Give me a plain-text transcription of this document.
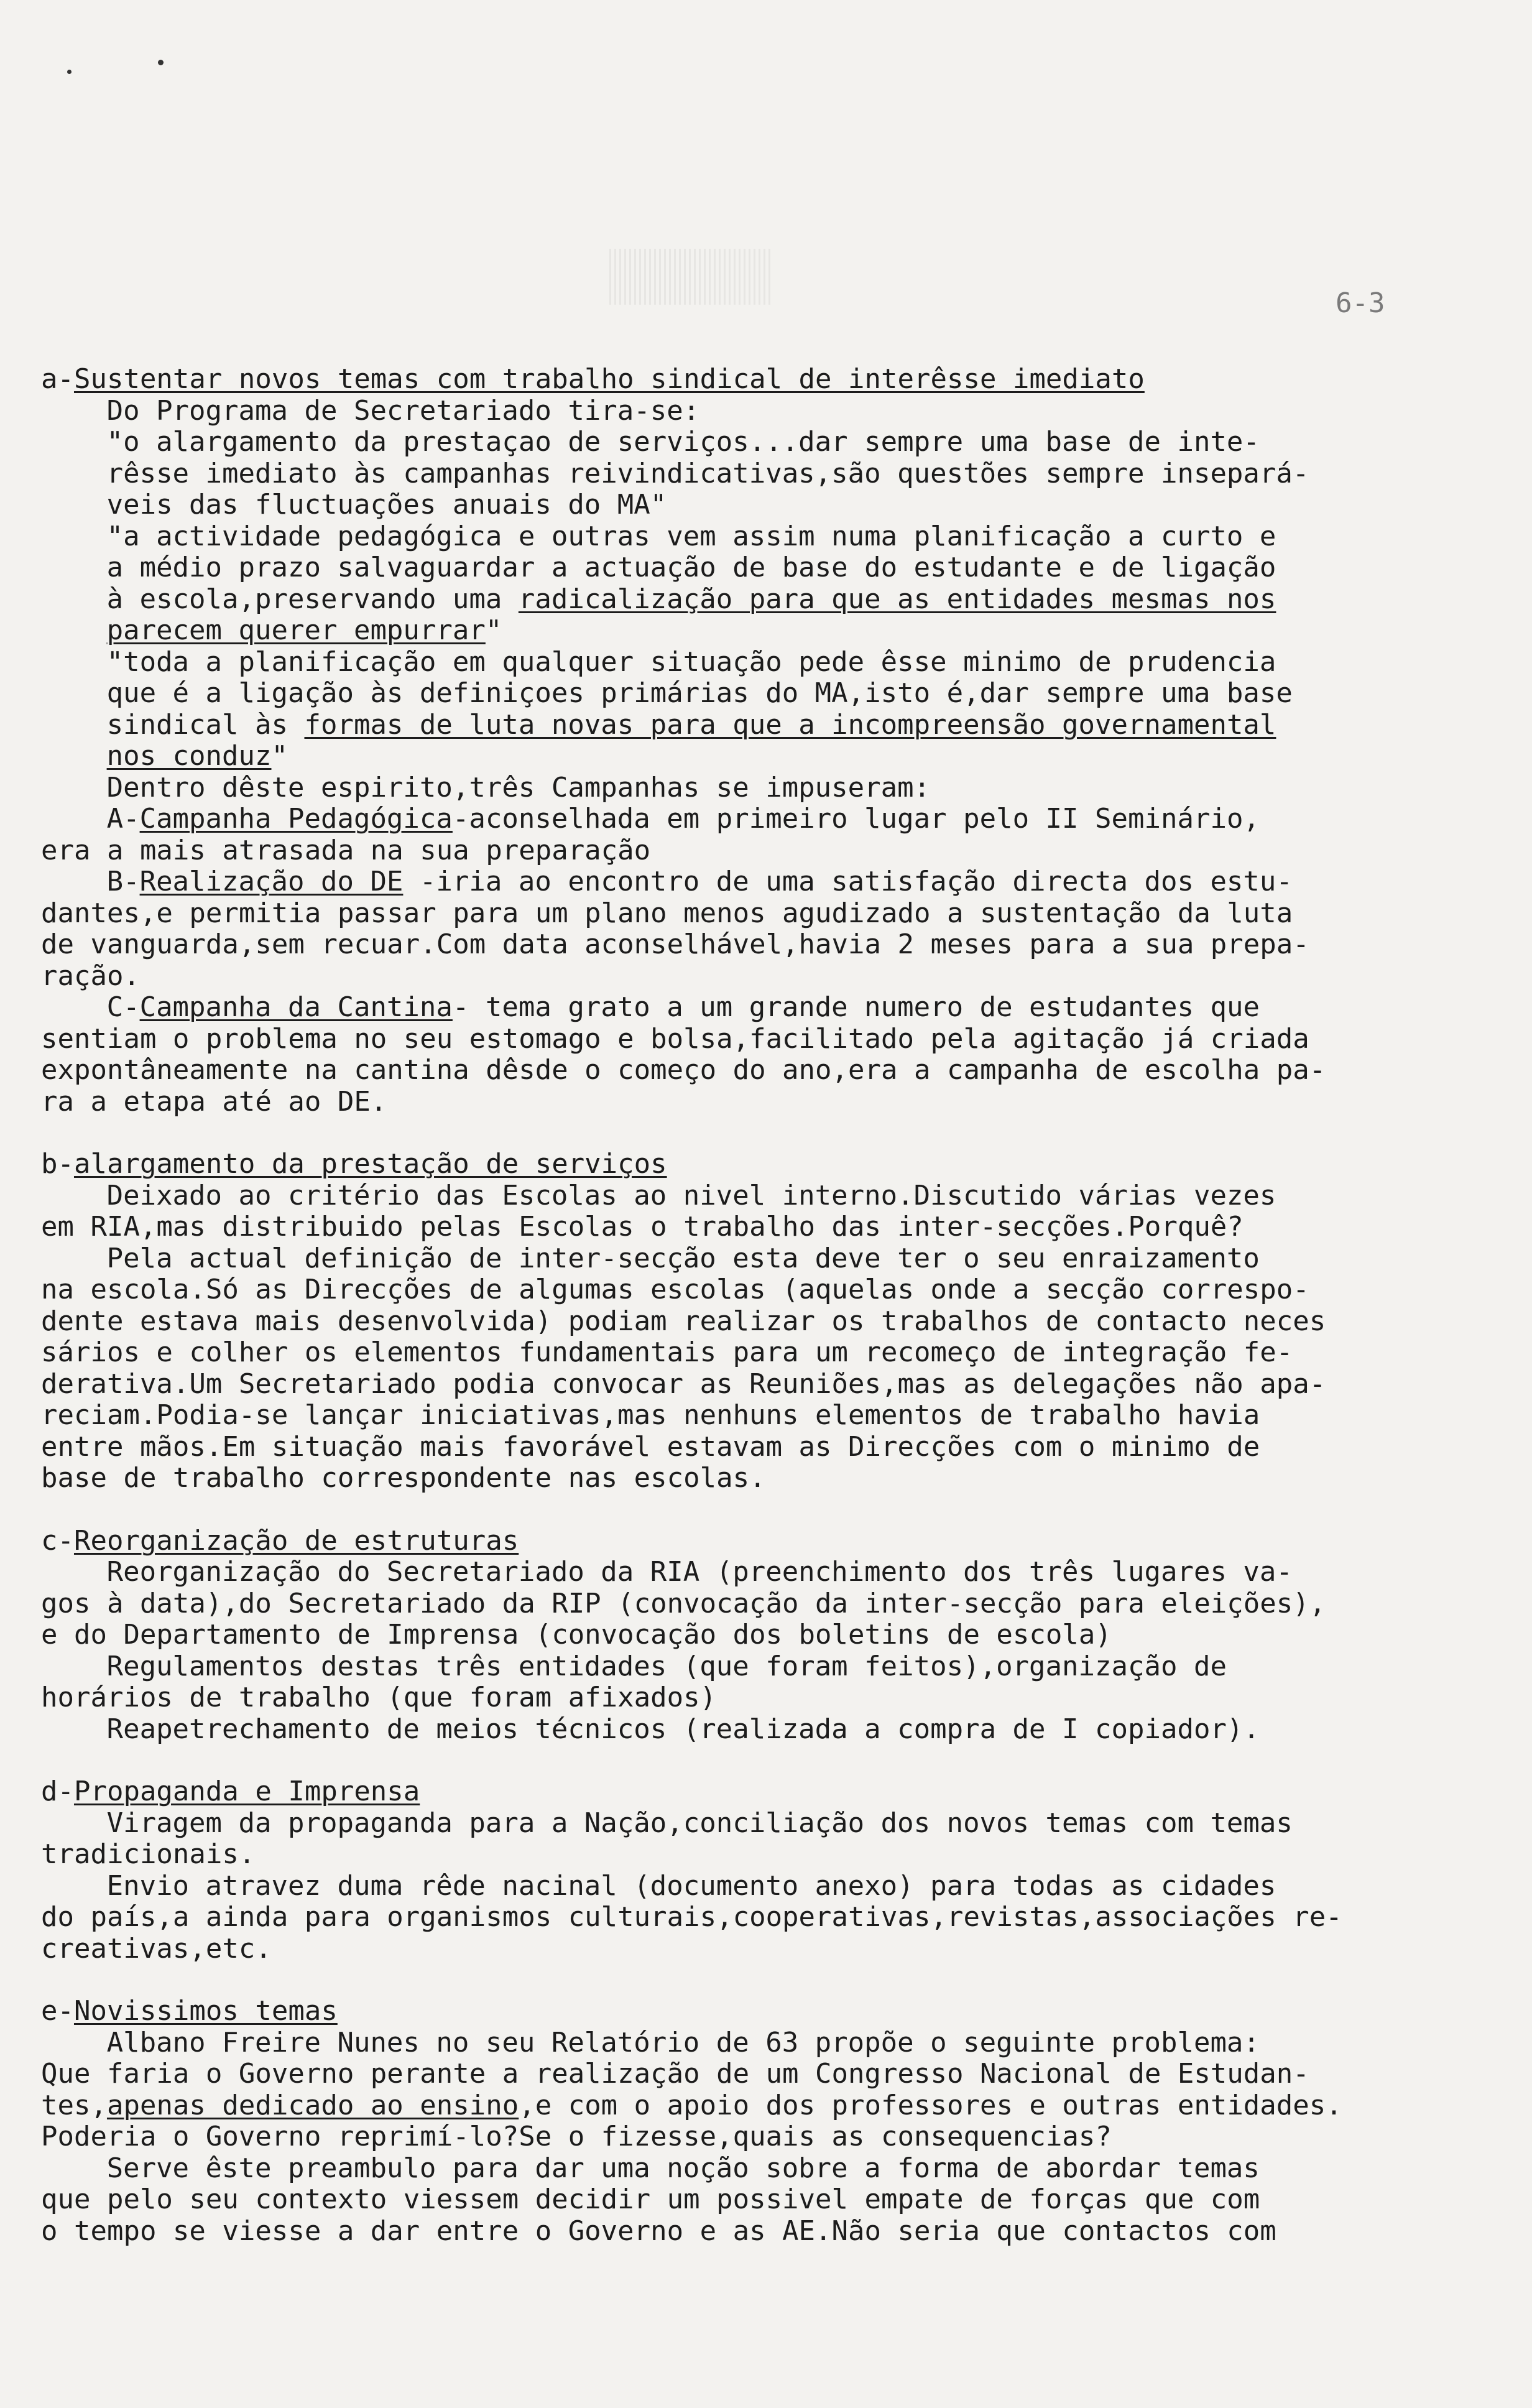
6-3
a-Sustentar novos temas com trabalho sindical de interêsse imediato
Do Programa de Secretariado tira-se:
"o alargamento da prestaçao de serviços...dar sempre uma base de inte-
rêsse imediato às campanhas reivindicativas,são questões sempre insepará-
veis das fluctuações anuais do MA"
"a actividade pedagógica e outras vem assim numa planificação a curto e
a médio prazo salvaguardar a actuação de base do estudante e de ligação
à escola,preservando uma radicalização para que as entidades mesmas nos
parecem querer empurrar"
"toda a planificação em qualquer situação pede êsse minimo de prudencia
que é a ligação às definiçoes primárias do MA,isto é,dar sempre uma base
sindical às formas de luta novas para que a incompreensão governamental
nos conduz"
Dentro dêste espirito,três Campanhas se impuseram:
A-Campanha Pedagógica-aconselhada em primeiro lugar pelo II Seminário,
era a mais atrasada na sua preparação
B-Realização do DE -iria ao encontro de uma satisfação directa dos estu-
dantes,e permitia passar para um plano menos agudizado a sustentação da luta
de vanguarda,sem recuar.Com data aconselhável,havia 2 meses para a sua prepa-
ração.
C-Campanha da Cantina- tema grato a um grande numero de estudantes que
sentiam o problema no seu estomago e bolsa,facilitado pela agitação já criada
expontâneamente na cantina dêsde o começo do ano,era a campanha de escolha pa-
ra a etapa até ao DE.
b-alargamento da prestação de serviços
Deixado ao critério das Escolas ao nivel interno.Discutido várias vezes
em RIA,mas distribuido pelas Escolas o trabalho das inter-secções.Porquê?
Pela actual definição de inter-secção esta deve ter o seu enraizamento
na escola.Só as Direcções de algumas escolas (aquelas onde a secção correspo-
dente estava mais desenvolvida) podiam realizar os trabalhos de contacto neces
sários e colher os elementos fundamentais para um recomeço de integração fe-
derativa.Um Secretariado podia convocar as Reuniões,mas as delegações não apa-
reciam.Podia-se lançar iniciativas,mas nenhuns elementos de trabalho havia
entre mãos.Em situação mais favorável estavam as Direcções com o minimo de
base de trabalho correspondente nas escolas.
c-Reorganização de estruturas
Reorganização do Secretariado da RIA (preenchimento dos três lugares va-
gos à data),do Secretariado da RIP (convocação da inter-secção para eleições),
e do Departamento de Imprensa (convocação dos boletins de escola)
Regulamentos destas três entidades (que foram feitos),organização de
horários de trabalho (que foram afixados)
Reapetrechamento de meios técnicos (realizada a compra de I copiador).
d-Propaganda e Imprensa
Viragem da propaganda para a Nação,conciliação dos novos temas com temas
tradicionais.
Envio atravez duma rêde nacinal (documento anexo) para todas as cidades
do país,a ainda para organismos culturais,cooperativas,revistas,associações re-
creativas,etc.
e-Novissimos temas
Albano Freire Nunes no seu Relatório de 63 propõe o seguinte problema:
Que faria o Governo perante a realização de um Congresso Nacional de Estudan-
tes,apenas dedicado ao ensino,e com o apoio dos professores e outras entidades.
Poderia o Governo reprimí-lo?Se o fizesse,quais as consequencias?
Serve êste preambulo para dar uma noção sobre a forma de abordar temas
que pelo seu contexto viessem decidir um possivel empate de forças que com
o tempo se viesse a dar entre o Governo e as AE.Não seria que contactos com
